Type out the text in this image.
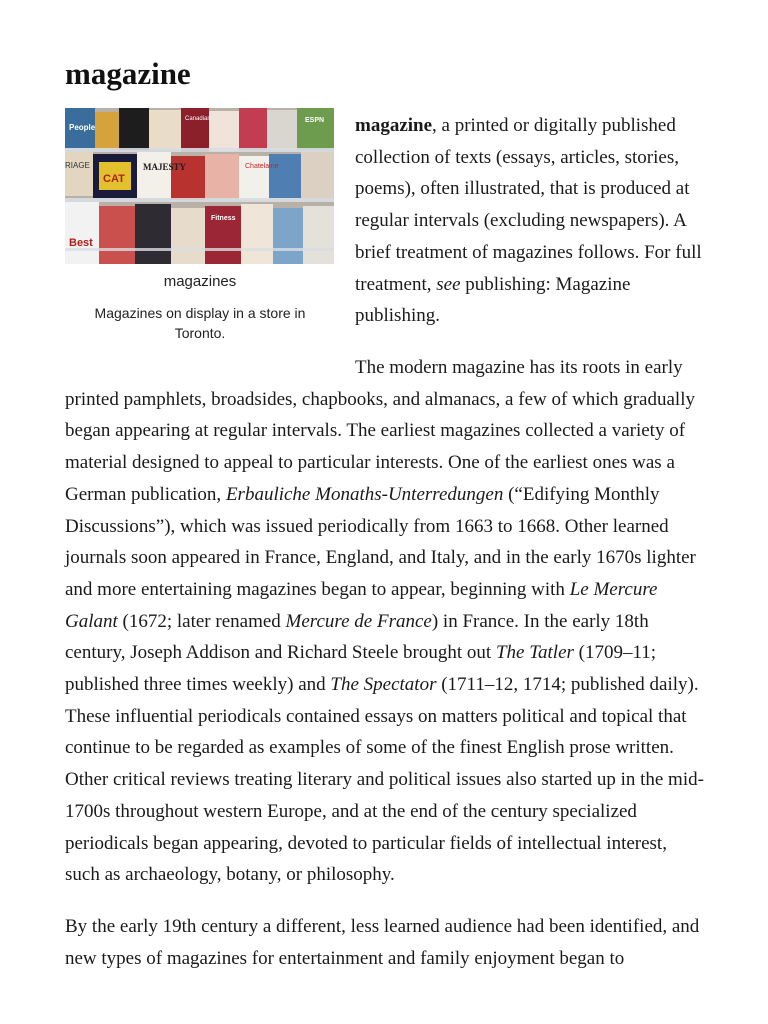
magazine
MAJESTY
CAT
Best
People
Chatelaine
Fitness
RIAGE
ESPN
Canadian
magazines
Magazines on display in a store in Toronto.

magazine, a printed or digitally published collection of texts (essays, articles, stories, poems), often illustrated, that is produced at regular intervals (excluding newspapers). A brief treatment of magazines follows. For full treatment, see publishing: Magazine publishing.

The modern magazine has its roots in early printed pamphlets, broadsides, chapbooks, and almanacs, a few of which gradually began appearing at regular intervals. The earliest magazines collected a variety of material designed to appeal to particular interests. One of the earliest ones was a German publication, Erbauliche Monaths-Unterredungen (“Edifying Monthly Discussions”), which was issued periodically from 1663 to 1668. Other learned journals soon appeared in France, England, and Italy, and in the early 1670s lighter and more entertaining magazines began to appear, beginning with Le Mercure Galant (1672; later renamed Mercure de France) in France. In the early 18th century, Joseph Addison and Richard Steele brought out The Tatler (1709–11; published three times weekly) and The Spectator (1711–12, 1714; published daily). These influential periodicals contained essays on matters political and topical that continue to be regarded as examples of some of the finest English prose written. Other critical reviews treating literary and political issues also started up in the mid-1700s throughout western Europe, and at the end of the century specialized periodicals began appearing, devoted to particular fields of intellectual interest, such as archaeology, botany, or philosophy.

By the early 19th century a different, less learned audience had been identified, and new types of magazines for entertainment and family enjoyment began to
